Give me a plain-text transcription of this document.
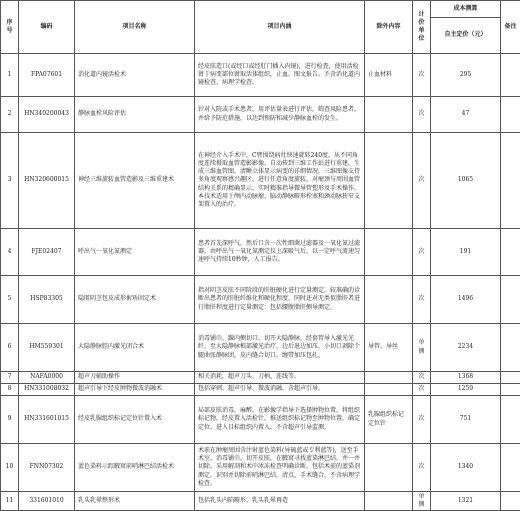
序号	编码	项目名称	项目内涵	除外内容	计价单位	成本测算	备注
						自主定价（元）	
1	FPA07601	消化道内镜活检术	经皮肤造口(或经口或经肛门插入内镜)，进行检查，使用活检钳于病变部位钳取活体组织，止血。图文报告。不含消化道内镜检查、病理学检查。	止血材料	次	295	
2	HN340200043	静脉血栓风险评估	针对入院或手术患者，用评估量表进行评估，筛查风险患者，并给予防范措施，以达到预防和减少静脉血栓的发生。		次	47	
3	HN320600015	神经三维旋转血管造影及三维重建术	在神经介入手术中，C臂围绕病灶快速旋转240度，从不同角度连续摄取血管造影影像，自动传到三维工作站进行重建，生成三维血管图，清晰立体显示病变的详细情况，三维图像支持多角度观察感兴趣区，进行任意角度旋转，对瘤颈与周围血管结构关系的精确显示。实时精准指导微导管塑形及手术操作，本技术适用于颅内动脉瘤、脑动静脉畸形栓塞和颈动脉狭窄支架置入的治疗。		次	1065	
4	FJE02407	呼出气一氧化氮测定	患者首先深呼气，然后口含一次性细菌过滤器及一氧化氮过滤器，由呼出气一氧化氮测定仪上深吸气后，以一定呼气流速匀速呼气持续10秒钟，人工报告。		次	191	
5	HSP83305	隐匿阴茎包皮成形術矫固定术	指对阴茎皮肤不同阶段的肝脏硬化进行定量测定，较准确的诊断出患者的肝脏纤维化和硬化程度，同时还对无类似脂肝者进行脂肝程度进行定量测定：包括腰腹脂肝侧导测定。		次	1496	
6	HM559301	大隐静脉腔内激光闭合术	消毒铺巾，踝内侧切口，切开大隐静脉，经套管导入激光光纤，至大隐静脉根部激光治疗，边后退边加压，小切口剥除个腿曲张静脉团，皮内缝合切口，缠带加压包扎。	导管、导丝	单侧	2234	
7	NAFA0000	超声刀辅助操作	相关消耗，超声刀头、刀柄、连线等。		次	1368	
8	HN331008032	超声引导下经皮肿物微波消融术	包括穿刺、超声引导、微波消融。含超声引导。		次	1259	
9	HN331601015	经皮乳腺组织标记定位针置入术	局部皮肤消毒，麻醉，在影像学指导下选择肿物位置，将组织标记物，经皮置入活检针，推送组织标记物至肿物位置，确定定位，进入目标组织内置入，不含超声引导监测。	乳腺组织标记定位针	次	751	
10	FNN07302	蓝色染料示踪腋窝前哨淋巴结活检术	术前在肿瘤周围含注射蓝色染料(异硫蓝或专利蓝等)，送至手术室，消毒铺巾。切开皮肤，在腋窝寻找蓝染淋巴结，并一并切除。采用解剖和术中冰冻检查明确诊断，包括术前的蓝染剂测定，识别并切除前哨淋巴结，清点，手术缝合。不含病理学检查。		次	1340	
11	331601010	乳头乳晕整形术	包括乳头内陷畸形、乳头乳晕再造		单侧	1321	
